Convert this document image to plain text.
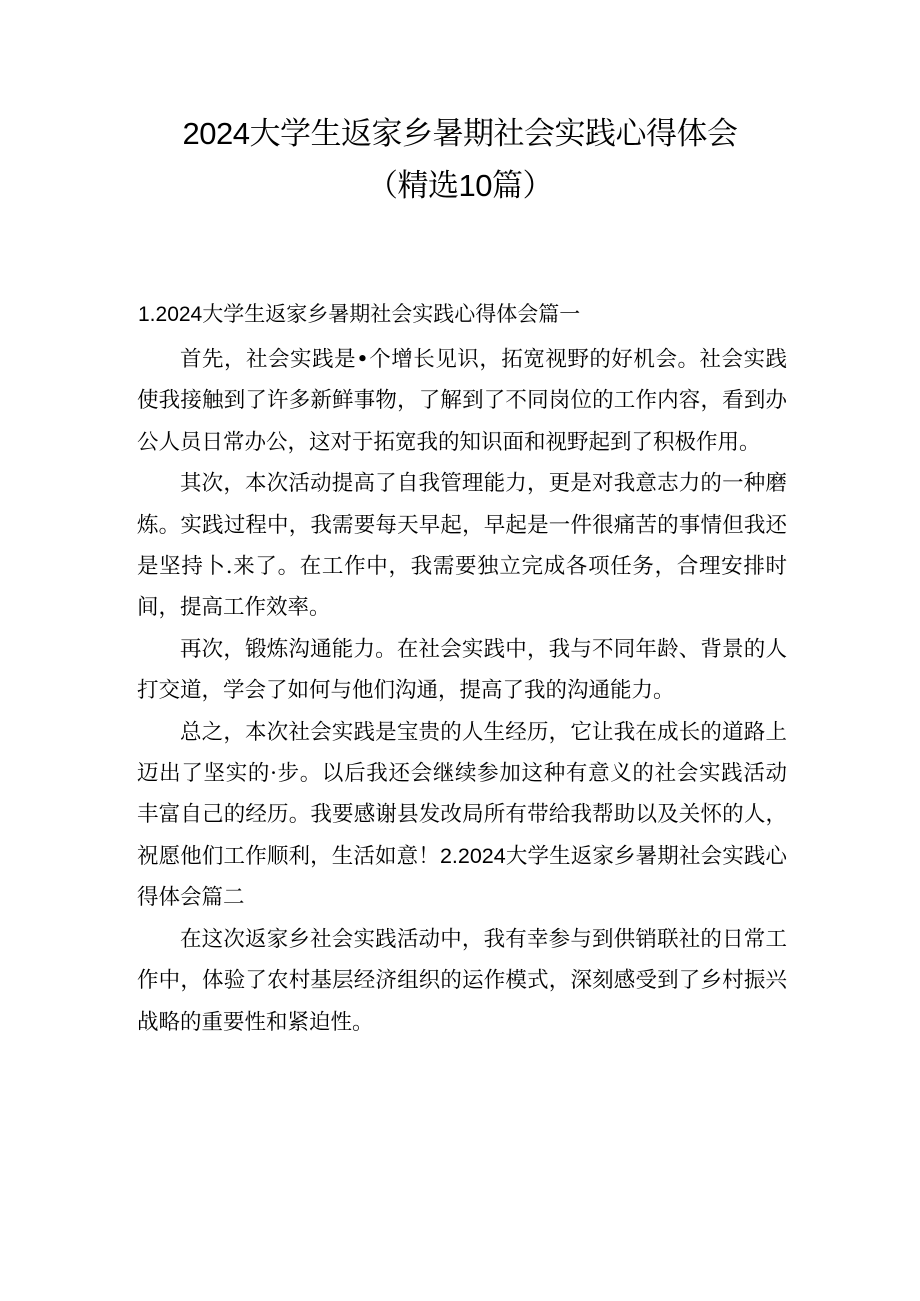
2024大学生返家乡暑期社会实践心得体会
（精选10篇）
1.2024大学生返家乡暑期社会实践心得体会篇一

首先，社会实践是•个增长见识，拓宽视野的好机会。社会实践使我接触到了许多新鲜事物，了解到了不同岗位的工作内容，看到办公人员日常办公，这对于拓宽我的知识面和视野起到了积极作用。

其次，本次活动提高了自我管理能力，更是对我意志力的一种磨炼。实践过程中，我需要每天早起，早起是一件很痛苦的事情但我还是坚持卜.来了。在工作中，我需要独立完成各项任务，合理安排时间，提高工作效率。

再次，锻炼沟通能力。在社会实践中，我与不同年龄、背景的人打交道，学会了如何与他们沟通，提高了我的沟通能力。

总之，本次社会实践是宝贵的人生经历，它让我在成长的道路上迈出了坚实的·步。以后我还会继续参加这种有意义的社会实践活动丰富自己的经历。我要感谢县发改局所有带给我帮助以及关怀的人，祝愿他们工作顺利，生活如意！2.2024大学生返家乡暑期社会实践心得体会篇二

在这次返家乡社会实践活动中，我有幸参与到供销联社的日常工作中，体验了农村基层经济组织的运作模式，深刻感受到了乡村振兴战略的重要性和紧迫性。
